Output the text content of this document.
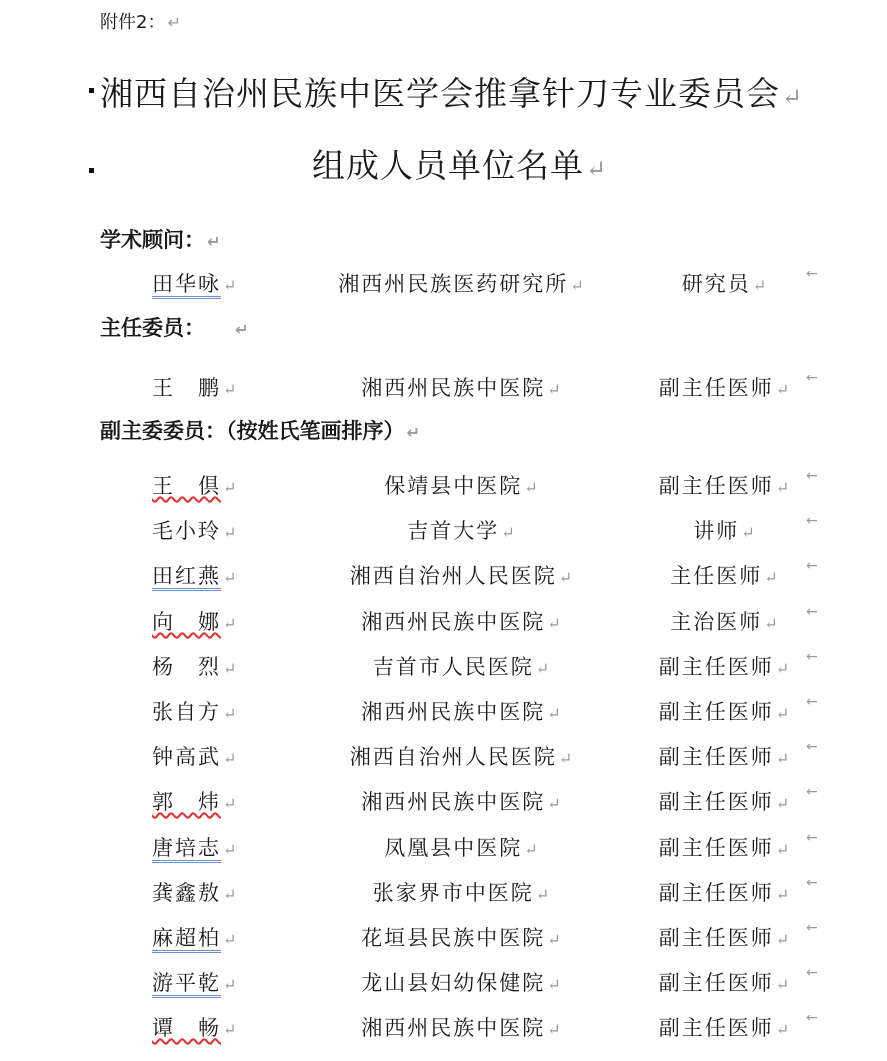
附件2： ↵
湘西自治州民族中医学会推拿针刀专业委员会↵
组成人员单位名单↵
学术顾问： ↵
田华咏 ↵	湘西州民族医药研究所 ↵	研究员 ↵
←
主任委员： ↵
王　鹏 ↵	湘西州民族中医院 ↵	副主任医师 ↵
←
副主委委员：（按姓氏笔画排序） ↵
王　倶 ↵	保靖县中医院 ↵	副主任医师 ↵
←
毛小玲 ↵	吉首大学 ↵	讲师 ↵
←
田红燕 ↵	湘西自治州人民医院 ↵	主任医师 ↵
←
向　娜 ↵	湘西州民族中医院 ↵	主治医师 ↵
←
杨　烈 ↵	吉首市人民医院 ↵	副主任医师 ↵
←
张自方 ↵	湘西州民族中医院 ↵	副主任医师 ↵
←
钟高武 ↵	湘西自治州人民医院 ↵	副主任医师 ↵
←
郭　炜 ↵	湘西州民族中医院 ↵	副主任医师 ↵
←
唐培志 ↵	凤凰县中医院 ↵	副主任医师 ↵
←
龚鑫敖 ↵	张家界市中医院 ↵	副主任医师 ↵
←
麻超柏 ↵	花垣县民族中医院 ↵	副主任医师 ↵
←
游平乾 ↵	龙山县妇幼保健院 ↵	副主任医师 ↵
←
谭　畅 ↵	湘西州民族中医院 ↵	副主任医师 ↵
←
